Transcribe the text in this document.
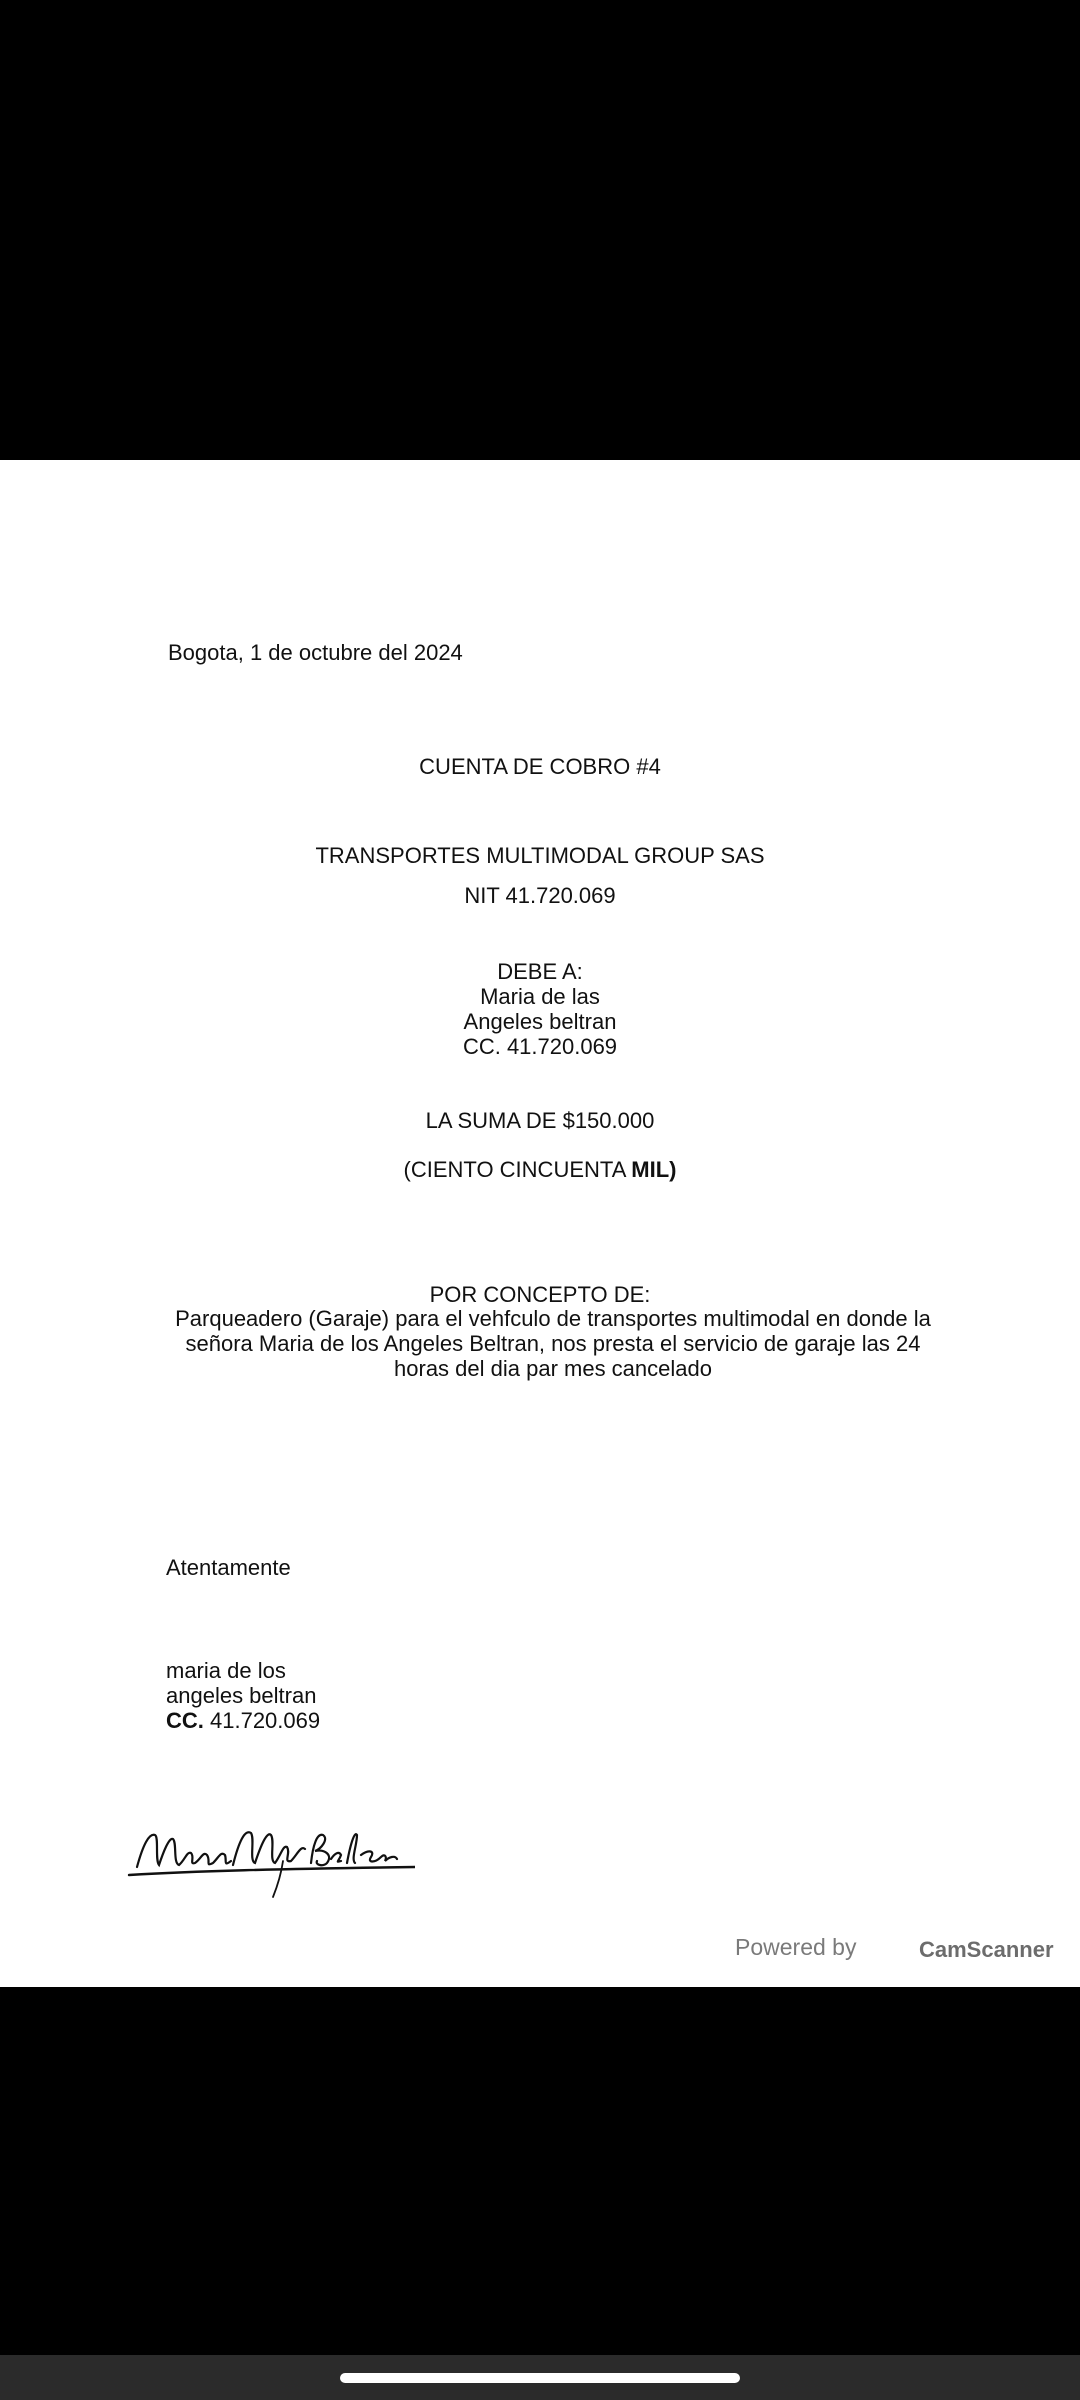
Bogota, 1 de octubre del 2024
CUENTA DE COBRO #4
TRANSPORTES MULTIMODAL GROUP SAS
NIT 41.720.069
DEBE A:
Maria de las
Angeles beltran
CC. 41.720.069
LA SUMA DE $150.000
(CIENTO CINCUENTA MIL)
POR CONCEPTO DE:
Parqueadero (Garaje) para el vehfculo de transportes multimodal en donde la señora Maria de los Angeles Beltran, nos presta el servicio de garaje las 24 horas del dia par mes cancelado
Atentamente
maria de los
angeles beltran
CC. 41.720.069
Powered by	CamScanner
